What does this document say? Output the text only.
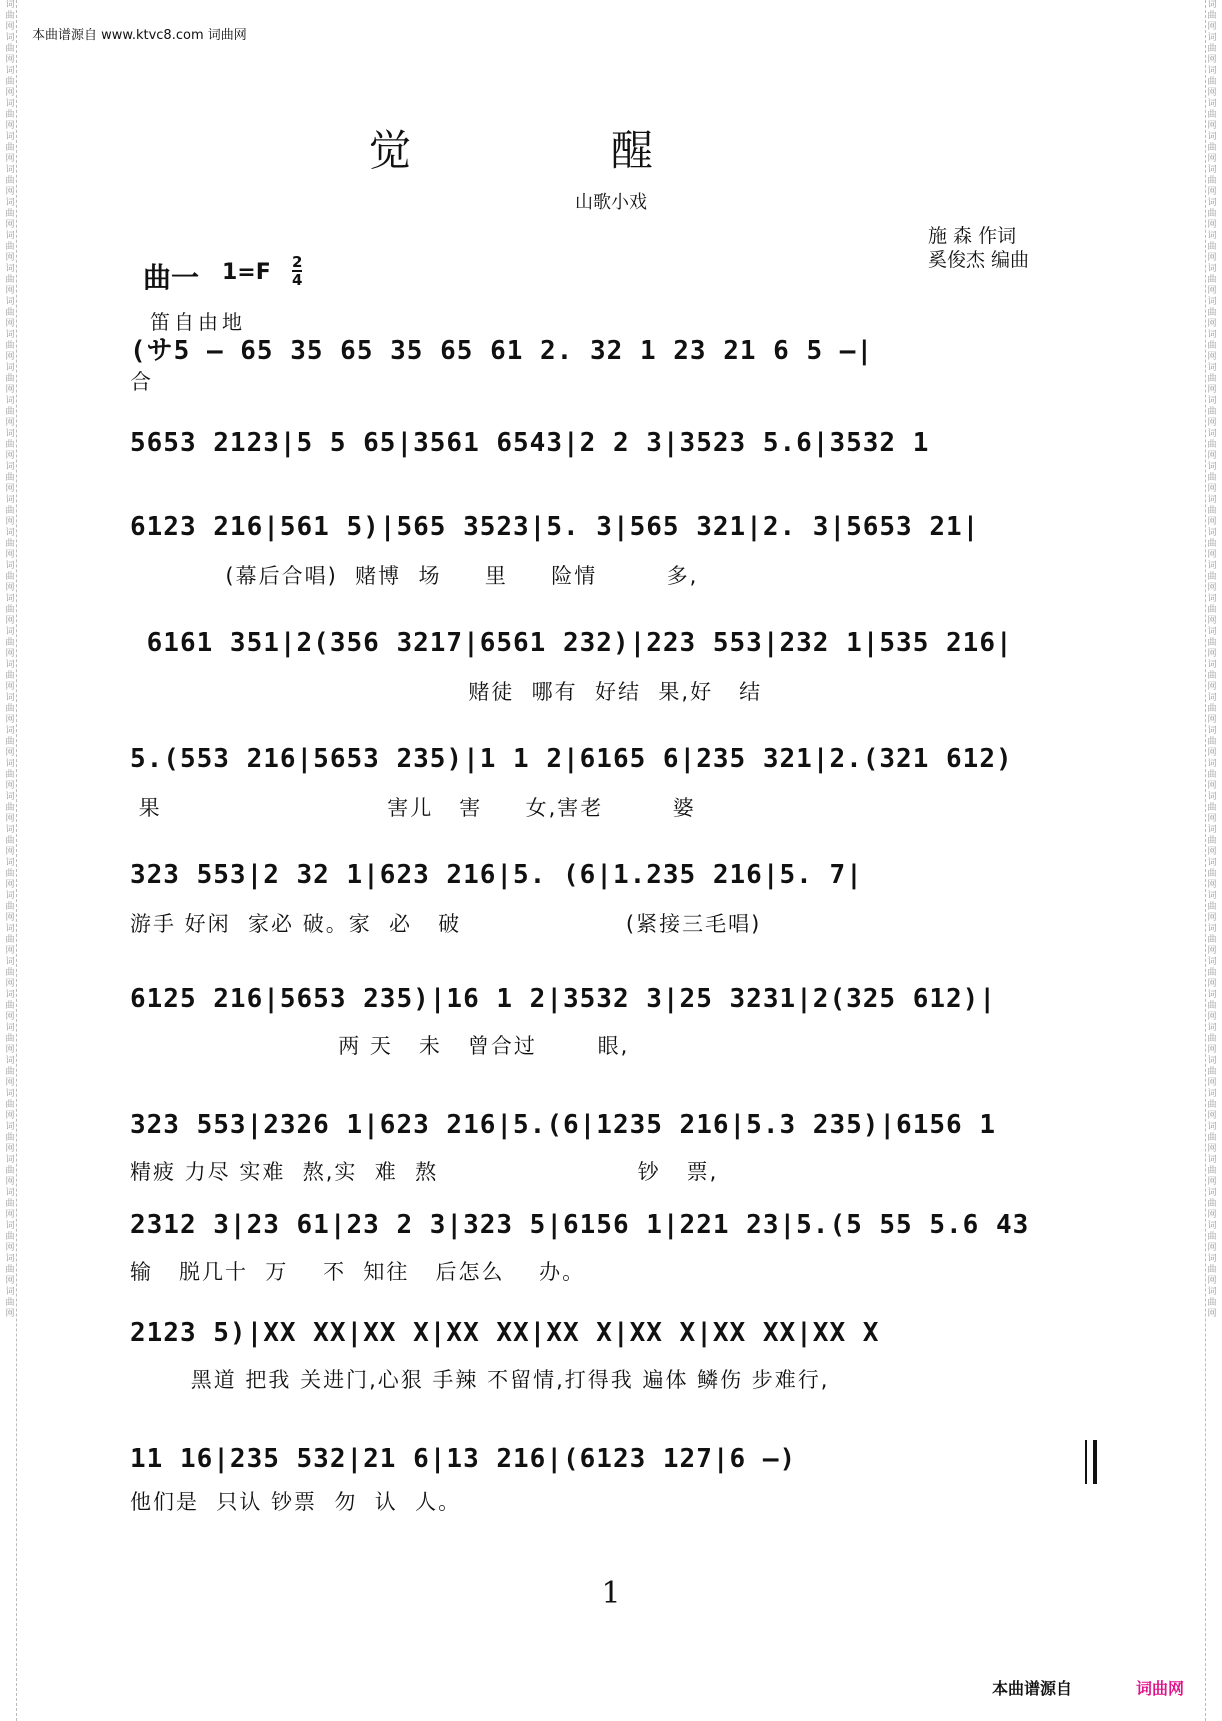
词曲网词曲网词曲网词曲网词曲网词曲网词曲网词曲网词曲网词曲网词曲网词曲网词曲网词曲网词曲网词曲网词曲网词曲网词曲网词曲网词曲网词曲网词曲网词曲网词曲网词曲网词曲网词曲网词曲网词曲网词曲网词曲网词曲网词曲网词曲网词曲网词曲网词曲网词曲网词曲网
词曲网词曲网词曲网词曲网词曲网词曲网词曲网词曲网词曲网词曲网词曲网词曲网词曲网词曲网词曲网词曲网词曲网词曲网词曲网词曲网词曲网词曲网词曲网词曲网词曲网词曲网词曲网词曲网词曲网词曲网词曲网词曲网词曲网词曲网词曲网词曲网词曲网词曲网词曲网词曲网
本曲谱源自 www.ktvc8.com 词曲网
觉醒
山歌小戏
施 森 作词
奚俊杰 编曲
曲一 1=F 2
4
笛自由地
(サ5 – 65 35 65 35 65 61 2. 32 1 23 21 6 5 –|
合
5653 2123|5 5 65|3561 6543|2 2 3|3523 5.6|3532 1
6123 216|561 5)|565 3523|5. 3|565 321|2. 3|5653 21|
(幕后合唱)  赌博  场     里     险情        多,
6161 351|2(356 3217|6561 232)|223 553|232 1|535 216|
赌徒  哪有  好结  果,好   结
5.(553 216|5653 235)|1 1 2|6165 6|235 321|2.(321 612)
果                          害儿   害     女,害老        婆
323 553|2 32 1|623 216|5. (6|1.235 216|5. 7|
游手 好闲  家必 破。家  必   破                   (紧接三毛唱)
6125 216|5653 235)|16 1 2|3532 3|25 3231|2(325 612)|
两 天   未   曾合过       眼,
323 553|2326 1|623 216|5.(6|1235 216|5.3 235)|6156 1
精疲 力尽 实难  熬,实  难  熬                       钞   票,
2312 3|23 61|23 2 3|323 5|6156 1|221 23|5.(5 55 5.6 43
输   脱几十  万    不  知往   后怎么    办。
2123 5)|XX XX|XX X|XX XX|XX X|XX X|XX XX|XX X
黑道 把我 关进门,心狠 手辣 不留情,打得我 遍体 鳞伤 步难行,
11 16|235 532|21 6|13 216|(6123 127|6 –)
他们是  只认 钞票  勿  认  人。
1
本曲谱源自	词曲网
